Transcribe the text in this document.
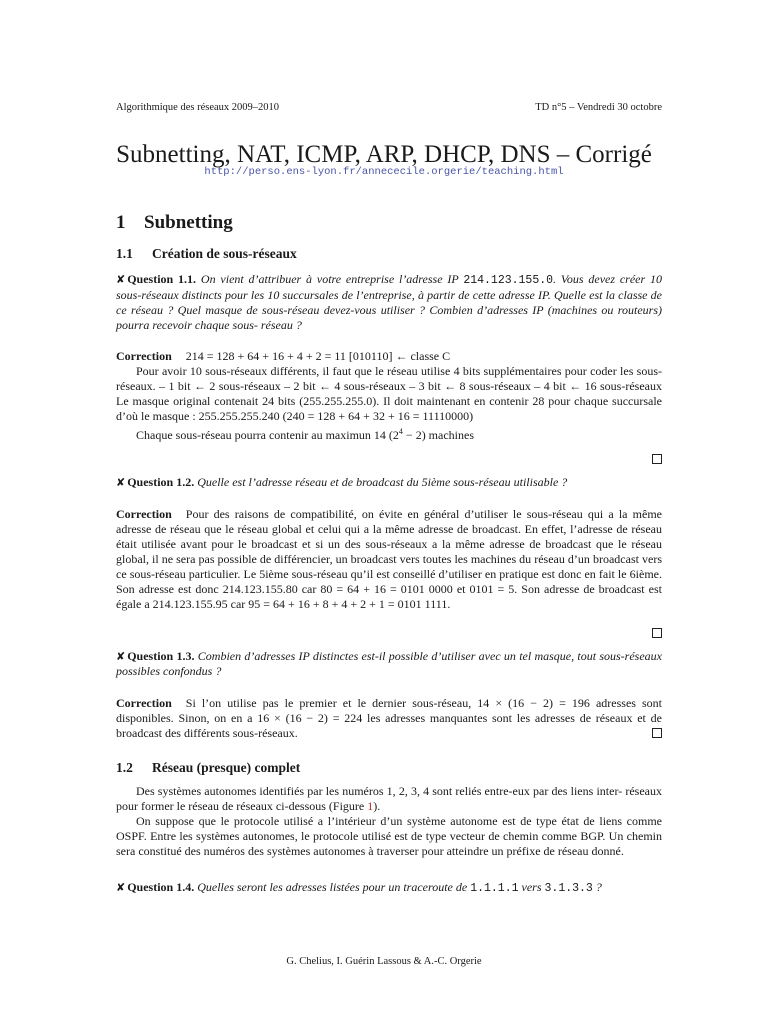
Algorithmique des réseaux 2009–2010	TD n°5 – Vendredi 30 octobre
Subnetting, NAT, ICMP, ARP, DHCP, DNS – Corrigé
http://perso.ens-lyon.fr/annececile.orgerie/teaching.html
1 Subnetting
1.1 Création de sous-réseaux
✘ Question 1.1. On vient d’attribuer à votre entreprise l’adresse IP 214.123.155.0. Vous devez créer 10 sous-réseaux distincts pour les 10 succursales de l’entreprise, à partir de cette adresse IP. Quelle est la classe de ce réseau ? Quel masque de sous-réseau devez-vous utiliser ? Combien d’adresses IP (machines ou routeurs) pourra recevoir chaque sous- réseau ?
Correction 214 = 128 + 64 + 16 + 4 + 2 = 11 [010110] ← classe C
Pour avoir 10 sous-réseaux différents, il faut que le réseau utilise 4 bits supplémentaires pour coder les sous-réseaux. – 1 bit ← 2 sous-réseaux – 2 bit ← 4 sous-réseaux – 3 bit ← 8 sous-réseaux – 4 bit ← 16 sous-réseaux Le masque original contenait 24 bits (255.255.255.0). Il doit maintenant en contenir 28 pour chaque succursale d’où le masque : 255.255.255.240 (240 = 128 + 64 + 32 + 16 = 11110000)
Chaque sous-réseau pourra contenir au maximun 14 $(2^4 - 2)$ machines
✘ Question 1.2. Quelle est l’adresse réseau et de broadcast du 5ième sous-réseau utilisable ?
Correction Pour des raisons de compatibilité, on évite en général d’utiliser le sous-réseau qui a la même adresse de réseau que le réseau global et celui qui a la même adresse de broadcast. En effet, l’adresse de réseau était utilisée avant pour le broadcast et si un des sous-réseaux a la même adresse de broadcast que le réseau global, il ne sera pas possible de différencier, un broadcast vers toutes les machines du réseau d’un broadcast vers ce sous-réseau particulier. Le 5ième sous-réseau qu’il est conseillé d’utiliser en pratique est donc en fait le 6ième. Son adresse est donc 214.123.155.80 car 80 = 64 + 16 = 0101 0000 et 0101 = 5. Son adresse de broadcast est égale a 214.123.155.95 car 95 = 64 + 16 + 8 + 4 + 2 + 1 = 0101 1111.
✘ Question 1.3. Combien d’adresses IP distinctes est-il possible d’utiliser avec un tel masque, tout sous-réseaux possibles confondus ?
Correction Si l’on utilise pas le premier et le dernier sous-réseau, 14 × (16 − 2) = 196 adresses sont disponibles. Sinon, on en a 16 × (16 − 2) = 224 les adresses manquantes sont les adresses de réseaux et de broadcast des différents sous-réseaux.
1.2 Réseau (presque) complet
Des systèmes autonomes identifiés par les numéros 1, 2, 3, 4 sont reliés entre-eux par des liens inter- réseaux pour former le réseau de réseaux ci-dessous (Figure 1).
On suppose que le protocole utilisé a l’intérieur d’un système autonome est de type état de liens comme OSPF. Entre les systèmes autonomes, le protocole utilisé est de type vecteur de chemin comme BGP. Un chemin sera constitué des numéros des systèmes autonomes à traverser pour atteindre un préfixe de réseau donné.
✘ Question 1.4. Quelles seront les adresses listées pour un traceroute de 1.1.1.1 vers 3.1.3.3 ?
G. Chelius, I. Guérin Lassous & A.-C. Orgerie
